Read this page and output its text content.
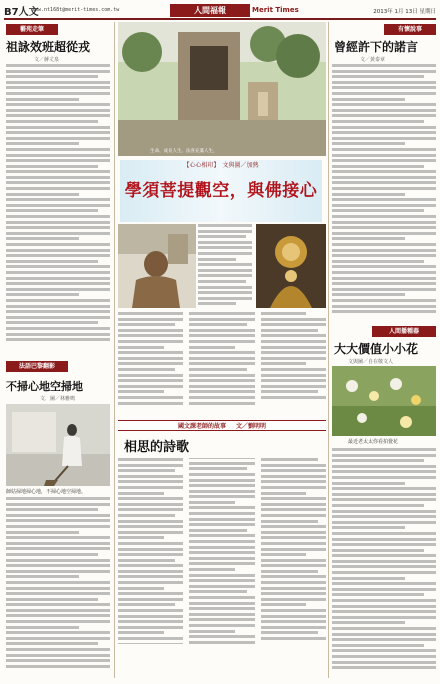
B7人文
www.nt168t@merit-times.com.tw	人間福報	Merit Times	2013年 1月 13日 星期日
藝苑走筆
祖詠效班超從戎
文／蔣丈泉
法語巴黎翻影
不掃心地空掃地
文．圖／林雅鳴
師姑掃地掃心地，不掃心地空掃地。
生命、成長人生、法喜充滿人生，
【心心相印】　文與圖／加熱
學須菩提觀空，與佛接心
國文課老師的故事 文／劉明明
相思的詩歌
有懷說事
曾經許下的諾言
文／黃泰章
人間播種器
大大價值小小花
文與圖／自在敬文人
最近老太太你看拍覺花
